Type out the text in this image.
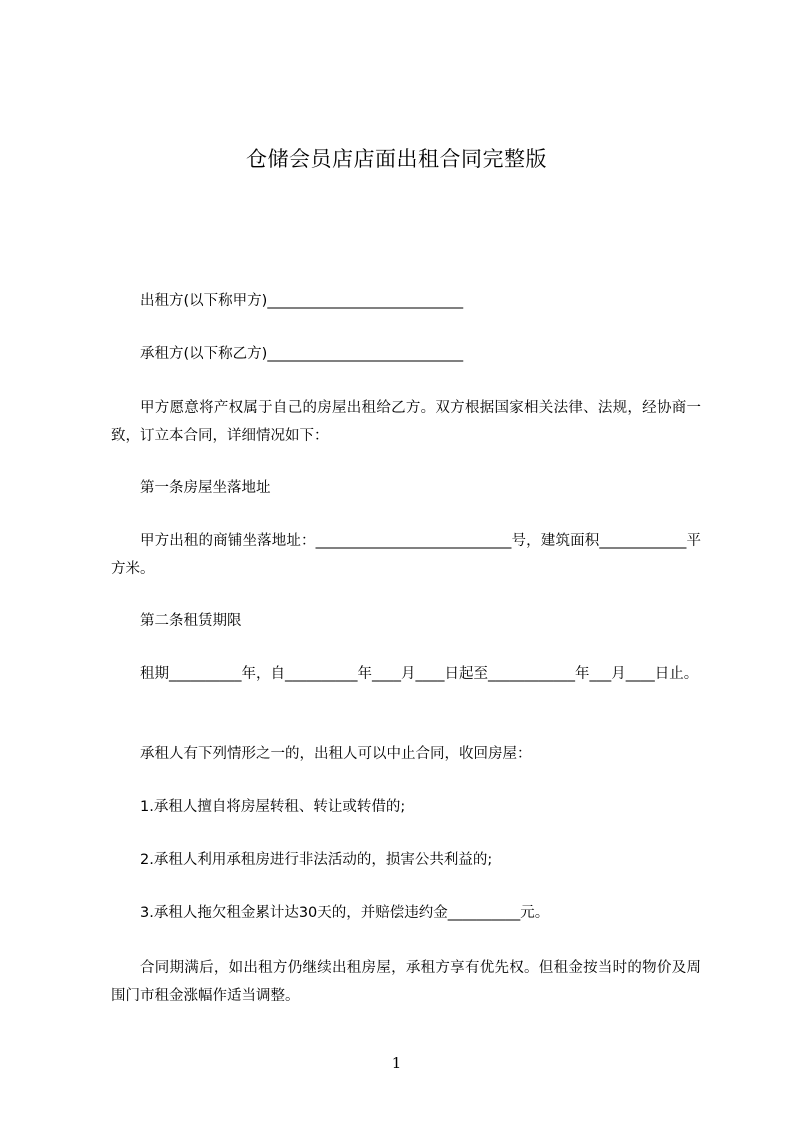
仓储会员店店面出租合同完整版

出租方(以下称甲方)___________________________

承租方(以下称乙方)___________________________

甲方愿意将产权属于自己的房屋出租给乙方。双方根据国家相关法律、法规，经协商一致，订立本合同，详细情况如下：

第一条房屋坐落地址

甲方出租的商铺坐落地址：___________________________号，建筑面积____________平方米。

第二条租赁期限

租期__________年，自__________年____月____日起至____________年___月____日止。

承租人有下列情形之一的，出租人可以中止合同，收回房屋：

1.承租人擅自将房屋转租、转让或转借的;

2.承租人利用承租房进行非法活动的，损害公共利益的;

3.承租人拖欠租金累计达30天的，并赔偿违约金__________元。

合同期满后，如出租方仍继续出租房屋，承租方享有优先权。但租金按当时的物价及周围门市租金涨幅作适当调整。

1
